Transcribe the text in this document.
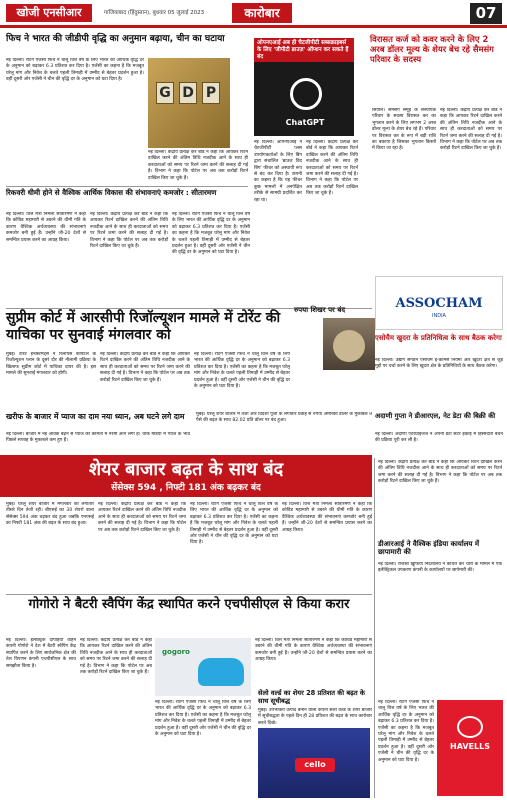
खोजी एनसीआर	गाजियाबाद (हिंदुस्तान), बुधवार 05 जुलाई 2023	कारोबार	07
फिच ने भारत की जीडीपी वृद्धि का अनुमान बढ़ाया, चीन का घटाया
नई दिल्ली। रेटिंग एजेंसी फिच ने चालू वित्त वर्ष के लिए भारत की आर्थिक वृद्धि दर के अनुमान को बढ़ाकर 6.3 प्रतिशत कर दिया है। एजेंसी का कहना है कि मजबूत घरेलू मांग और निवेश के चलते पहली तिमाही में उम्मीद से बेहतर प्रदर्शन हुआ है। वहीं दूसरी ओर एजेंसी ने चीन की वृद्धि दर के अनुमान को घटा दिया है।
G D P
नई दिल्ली। केंद्रीय प्रत्यक्ष कर बोर्ड ने कहा कि आयकर रिटर्न दाखिल करने की अंतिम तिथि नजदीक आने के साथ ही करदाताओं को समय पर रिटर्न जमा करने की सलाह दी गई है। विभाग ने कहा कि पोर्टल पर अब तक करोड़ों रिटर्न दाखिल किए जा चुके हैं।
रिकवरी धीमी होने से वैश्विक आर्थिक विकास की संभावनाएं कमजोर : सीतारमण
नई दिल्ली। वित्त मंत्री निर्मला सीतारमण ने कहा कि कोविड महामारी से उबरने की धीमी गति के कारण वैश्विक अर्थव्यवस्था की संभावनाएं कमजोर बनी हुई हैं। उन्होंने जी-20 देशों से समन्वित प्रयास करने का आग्रह किया।
नई दिल्ली। केंद्रीय प्रत्यक्ष कर बोर्ड ने कहा कि आयकर रिटर्न दाखिल करने की अंतिम तिथि नजदीक आने के साथ ही करदाताओं को समय पर रिटर्न जमा करने की सलाह दी गई है। विभाग ने कहा कि पोर्टल पर अब तक करोड़ों रिटर्न दाखिल किए जा चुके हैं।
नई दिल्ली। रेटिंग एजेंसी फिच ने चालू वित्त वर्ष के लिए भारत की आर्थिक वृद्धि दर के अनुमान को बढ़ाकर 6.3 प्रतिशत कर दिया है। एजेंसी का कहना है कि मजबूत घरेलू मांग और निवेश के चलते पहली तिमाही में उम्मीद से बेहतर प्रदर्शन हुआ है। वहीं दूसरी ओर एजेंसी ने चीन की वृद्धि दर के अनुमान को घटा दिया है।
ओपनएआई अब ही चैटजीपीटी सब्सक्राइबर्स के लिए 'जीपीटी ब्राउज़' ऑप्शन कर सकते हैं बंद
ChatGPT
नई दिल्ली। ओपनएआई ने चैटजीपीटी प्लस उपयोगकर्ताओं के लिए बिंग द्वारा संचालित 'ब्राउज़ विद बिंग' फीचर को अस्थायी रूप से बंद कर दिया है। कंपनी का कहना है कि यह फीचर कुछ मामलों में अनपेक्षित तरीके से सामग्री प्रदर्शित कर रहा था।
नई दिल्ली। केंद्रीय प्रत्यक्ष कर बोर्ड ने कहा कि आयकर रिटर्न दाखिल करने की अंतिम तिथि नजदीक आने के साथ ही करदाताओं को समय पर रिटर्न जमा करने की सलाह दी गई है। विभाग ने कहा कि पोर्टल पर अब तक करोड़ों रिटर्न दाखिल किए जा चुके हैं।
विरासत कर्ज को कवर करने के लिए 2 अरब डॉलर मूल्य के शेयर बेच रहे सैमसंग परिवार के सदस्य
सियोल। सैमसंग समूह के संस्थापक परिवार के सदस्य विरासत कर का भुगतान करने के लिए लगभग 2 अरब डॉलर मूल्य के शेयर बेच रहे हैं। परिवार पर विरासत कर के रूप में बड़ी राशि का बकाया है जिसका भुगतान किस्तों में किया जा रहा है।
नई दिल्ली। केंद्रीय प्रत्यक्ष कर बोर्ड ने कहा कि आयकर रिटर्न दाखिल करने की अंतिम तिथि नजदीक आने के साथ ही करदाताओं को समय पर रिटर्न जमा करने की सलाह दी गई है। विभाग ने कहा कि पोर्टल पर अब तक करोड़ों रिटर्न दाखिल किए जा चुके हैं।
ASSOCHAM
INDIA
एसोचैम खुदरा के प्रतिनिधित्व के साथ बैठक करेगा
नई दिल्ली। उद्योग संगठन एसोचैम ई-कॉमर्स नियमों और खुदरा क्षेत्र से जुड़े मुद्दों पर चर्चा करने के लिए खुदरा क्षेत्र के प्रतिनिधियों के साथ बैठक करेगा।
अदाणी गुप्ता ने डीआरएल, नेट डेटा की बिक्री की
नई दिल्ली। अदाणी एंटरप्राइजेज ने अपनी डेटा सेंटर इकाई में हिस्सेदारी बेचने की प्रक्रिया पूरी कर ली है।
सुप्रीम कोर्ट में आरसीपी रिजॉल्यूशन मामले में टोरेंट की याचिका पर सुनवाई मंगलवार को
मुंबई। टोरेंट इन्वेस्टमेंट्स ने रिलायंस कैपिटल के रिजॉल्यूशन प्लान के दूसरे दौर की नीलामी प्रक्रिया के खिलाफ सुप्रीम कोर्ट में याचिका दायर की है। इस मामले की सुनवाई मंगलवार को होगी।
नई दिल्ली। केंद्रीय प्रत्यक्ष कर बोर्ड ने कहा कि आयकर रिटर्न दाखिल करने की अंतिम तिथि नजदीक आने के साथ ही करदाताओं को समय पर रिटर्न जमा करने की सलाह दी गई है। विभाग ने कहा कि पोर्टल पर अब तक करोड़ों रिटर्न दाखिल किए जा चुके हैं।
नई दिल्ली। रेटिंग एजेंसी फिच ने चालू वित्त वर्ष के लिए भारत की आर्थिक वृद्धि दर के अनुमान को बढ़ाकर 6.3 प्रतिशत कर दिया है। एजेंसी का कहना है कि मजबूत घरेलू मांग और निवेश के चलते पहली तिमाही में उम्मीद से बेहतर प्रदर्शन हुआ है। वहीं दूसरी ओर एजेंसी ने चीन की वृद्धि दर के अनुमान को घटा दिया है।
रुपया शिखर पर बंद
खरीफ के बाजार में प्याज का दाम नया ध्यान, अब घटने लगे दाम
नई दिल्ली। बाजार में नई आवक बढ़ने से प्याज की कीमतों में नरमी आने लगी है। थोक मंडियों में प्याज के भाव पिछले सप्ताह के मुकाबले कम हुए हैं।
मुंबई। घरेलू शेयर बाजार में तेजी और विदेशी पूंजी के लगातार प्रवाह से रुपया अमेरिकी डॉलर के मुकाबले 9 पैसे की बढ़त के साथ 82.02 प्रति डॉलर पर बंद हुआ।
शेयर बाजार बढ़त के साथ बंद
सेंसेक्स 594 , निफ्टी 181 अंक बढ़कर बंद
मुंबई। घरेलू शेयर बाजार में मंगलवार को लगातार तीसरे दिन तेजी रही। बीएसई का 30 शेयरों वाला सेंसेक्स 594 अंक चढ़कर बंद हुआ जबकि एनएसई का निफ्टी 181 अंक की बढ़त के साथ बंद हुआ।
नई दिल्ली। केंद्रीय प्रत्यक्ष कर बोर्ड ने कहा कि आयकर रिटर्न दाखिल करने की अंतिम तिथि नजदीक आने के साथ ही करदाताओं को समय पर रिटर्न जमा करने की सलाह दी गई है। विभाग ने कहा कि पोर्टल पर अब तक करोड़ों रिटर्न दाखिल किए जा चुके हैं।
नई दिल्ली। रेटिंग एजेंसी फिच ने चालू वित्त वर्ष के लिए भारत की आर्थिक वृद्धि दर के अनुमान को बढ़ाकर 6.3 प्रतिशत कर दिया है। एजेंसी का कहना है कि मजबूत घरेलू मांग और निवेश के चलते पहली तिमाही में उम्मीद से बेहतर प्रदर्शन हुआ है। वहीं दूसरी ओर एजेंसी ने चीन की वृद्धि दर के अनुमान को घटा दिया है।
नई दिल्ली। वित्त मंत्री निर्मला सीतारमण ने कहा कि कोविड महामारी से उबरने की धीमी गति के कारण वैश्विक अर्थव्यवस्था की संभावनाएं कमजोर बनी हुई हैं। उन्होंने जी-20 देशों से समन्वित प्रयास करने का आग्रह किया।
नई दिल्ली। केंद्रीय प्रत्यक्ष कर बोर्ड ने कहा कि आयकर रिटर्न दाखिल करने की अंतिम तिथि नजदीक आने के साथ ही करदाताओं को समय पर रिटर्न जमा करने की सलाह दी गई है। विभाग ने कहा कि पोर्टल पर अब तक करोड़ों रिटर्न दाखिल किए जा चुके हैं।
डीआरआई ने वैश्विक इंडिया कार्यालय में छापामारी की
नई दिल्ली। राजस्व खुफिया निदेशालय ने कथित कर चोरी के मामले में एक इलेक्ट्रिकल उपकरण कंपनी के कार्यालयों पर छापेमारी की।
नई दिल्ली। रेटिंग एजेंसी फिच ने चालू वित्त वर्ष के लिए भारत की आर्थिक वृद्धि दर के अनुमान को बढ़ाकर 6.3 प्रतिशत कर दिया है। एजेंसी का कहना है कि मजबूत घरेलू मांग और निवेश के चलते पहली तिमाही में उम्मीद से बेहतर प्रदर्शन हुआ है। वहीं दूसरी ओर एजेंसी ने चीन की वृद्धि दर के अनुमान को घटा दिया है।
HAVELLS
गोगोरो ने बैटरी स्वैपिंग केंद्र स्थापित करने एचपीसीएल से किया करार
नई दिल्ली। इलेक्ट्रिक दोपहिया वाहन कंपनी गोगोरो ने देश में बैटरी स्वैपिंग केंद्र स्थापित करने के लिए सार्वजनिक क्षेत्र की तेल विपणन कंपनी एचपीसीएल के साथ समझौता किया है।
नई दिल्ली। केंद्रीय प्रत्यक्ष कर बोर्ड ने कहा कि आयकर रिटर्न दाखिल करने की अंतिम तिथि नजदीक आने के साथ ही करदाताओं को समय पर रिटर्न जमा करने की सलाह दी गई है। विभाग ने कहा कि पोर्टल पर अब तक करोड़ों रिटर्न दाखिल किए जा चुके हैं।
gogoro
नई दिल्ली। रेटिंग एजेंसी फिच ने चालू वित्त वर्ष के लिए भारत की आर्थिक वृद्धि दर के अनुमान को बढ़ाकर 6.3 प्रतिशत कर दिया है। एजेंसी का कहना है कि मजबूत घरेलू मांग और निवेश के चलते पहली तिमाही में उम्मीद से बेहतर प्रदर्शन हुआ है। वहीं दूसरी ओर एजेंसी ने चीन की वृद्धि दर के अनुमान को घटा दिया है।
नई दिल्ली। वित्त मंत्री निर्मला सीतारमण ने कहा कि कोविड महामारी से उबरने की धीमी गति के कारण वैश्विक अर्थव्यवस्था की संभावनाएं कमजोर बनी हुई हैं। उन्होंने जी-20 देशों से समन्वित प्रयास करने का आग्रह किया।
सेलो वर्ल्ड का शेयर 28 प्रतिशत की बढ़त के साथ सूचीबद्ध
मुंबई। उपभोक्ता उत्पाद बनाने वाली कंपनी सेलो वर्ल्ड के शेयर बाजार में सूचीबद्धता के पहले दिन ही 28 प्रतिशत की बढ़त के साथ कारोबार करते दिखे।
cello
